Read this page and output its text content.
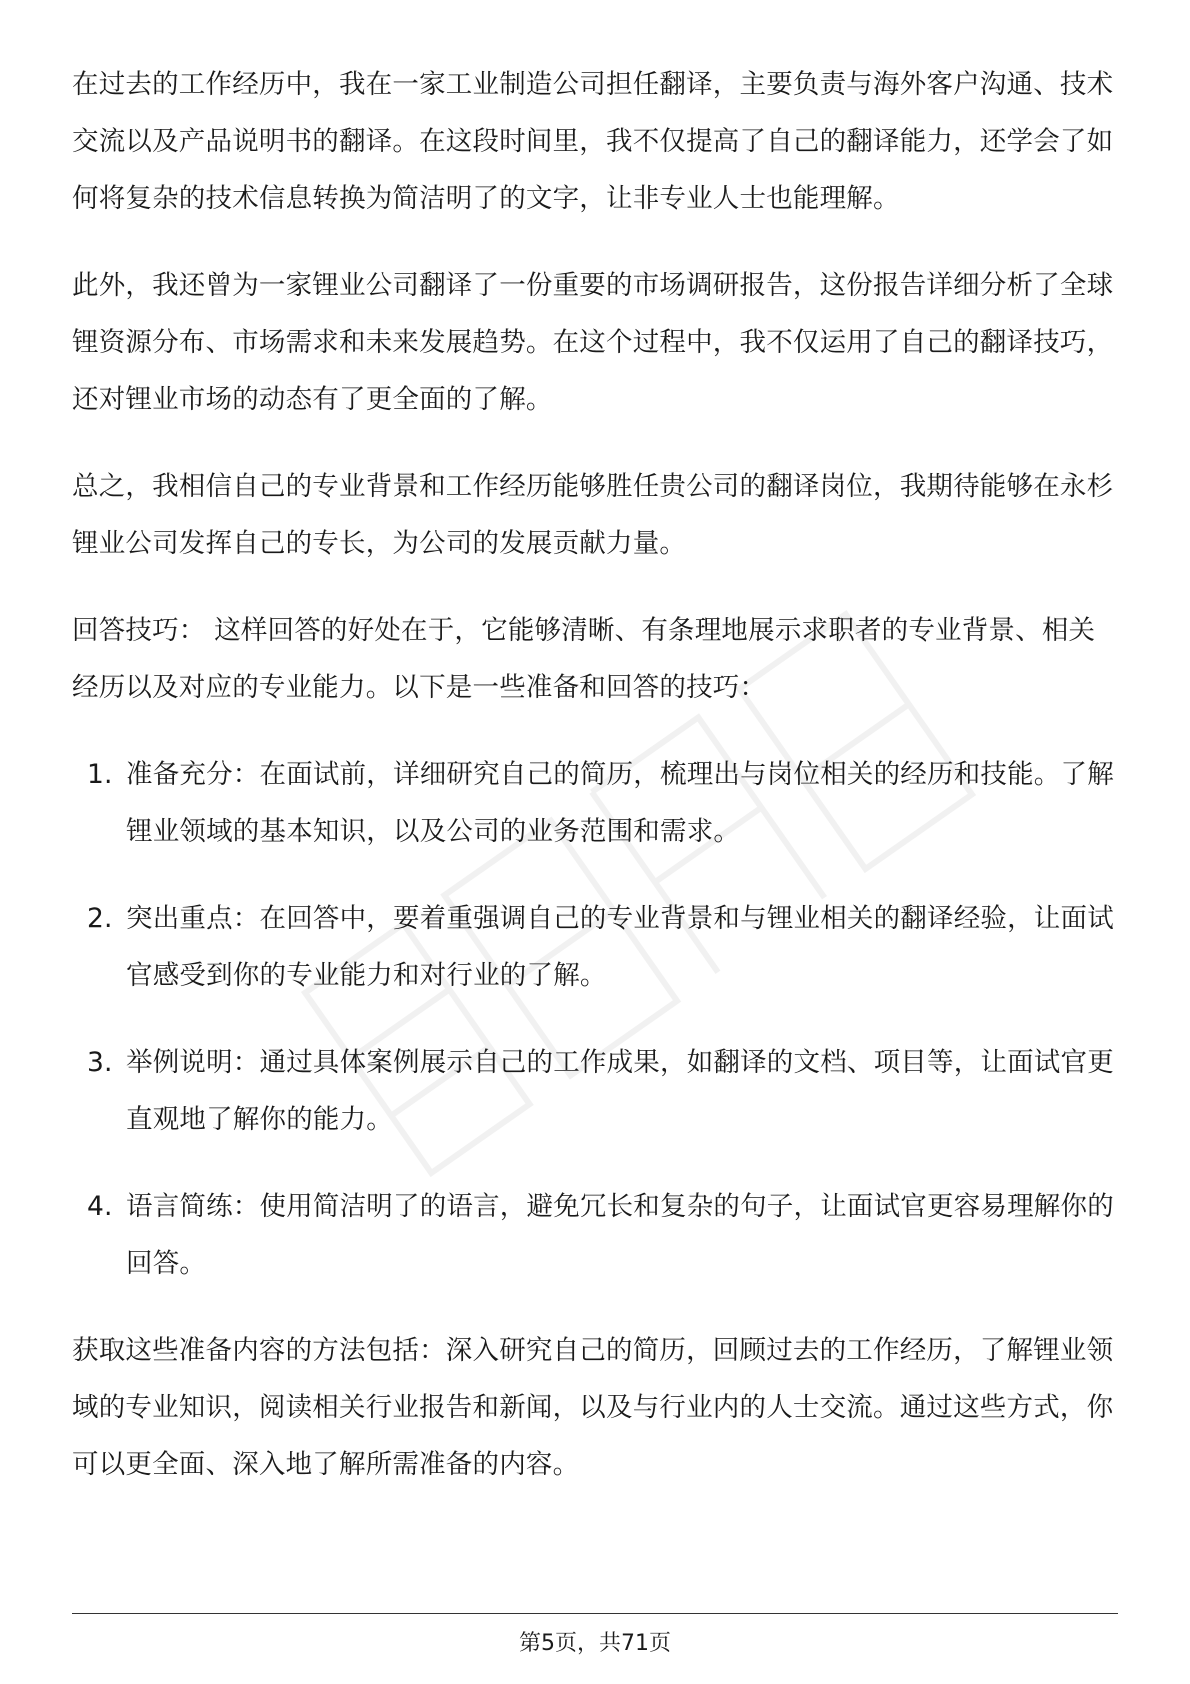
在过去的工作经历中，我在一家工业制造公司担任翻译，主要负责与海外客户沟通、技术交流以及产品说明书的翻译。在这段时间里，我不仅提高了自己的翻译能力，还学会了如何将复杂的技术信息转换为简洁明了的文字，让非专业人士也能理解。

此外，我还曾为一家锂业公司翻译了一份重要的市场调研报告，这份报告详细分析了全球锂资源分布、市场需求和未来发展趋势。在这个过程中，我不仅运用了自己的翻译技巧，还对锂业市场的动态有了更全面的了解。

总之，我相信自己的专业背景和工作经历能够胜任贵公司的翻译岗位，我期待能够在永杉锂业公司发挥自己的专长，为公司的发展贡献力量。

回答技巧： 这样回答的好处在于，它能够清晰、有条理地展示求职者的专业背景、相关经历以及对应的专业能力。以下是一些准备和回答的技巧：

1. 准备充分：在面试前，详细研究自己的简历，梳理出与岗位相关的经历和技能。了解锂业领域的基本知识，以及公司的业务范围和需求。
2. 突出重点：在回答中，要着重强调自己的专业背景和与锂业相关的翻译经验，让面试官感受到你的专业能力和对行业的了解。
3. 举例说明：通过具体案例展示自己的工作成果，如翻译的文档、项目等，让面试官更直观地了解你的能力。
4. 语言简练：使用简洁明了的语言，避免冗长和复杂的句子，让面试官更容易理解你的回答。

获取这些准备内容的方法包括：深入研究自己的简历，回顾过去的工作经历，了解锂业领域的专业知识，阅读相关行业报告和新闻，以及与行业内的人士交流。通过这些方式，你可以更全面、深入地了解所需准备的内容。

第5页，共71页
